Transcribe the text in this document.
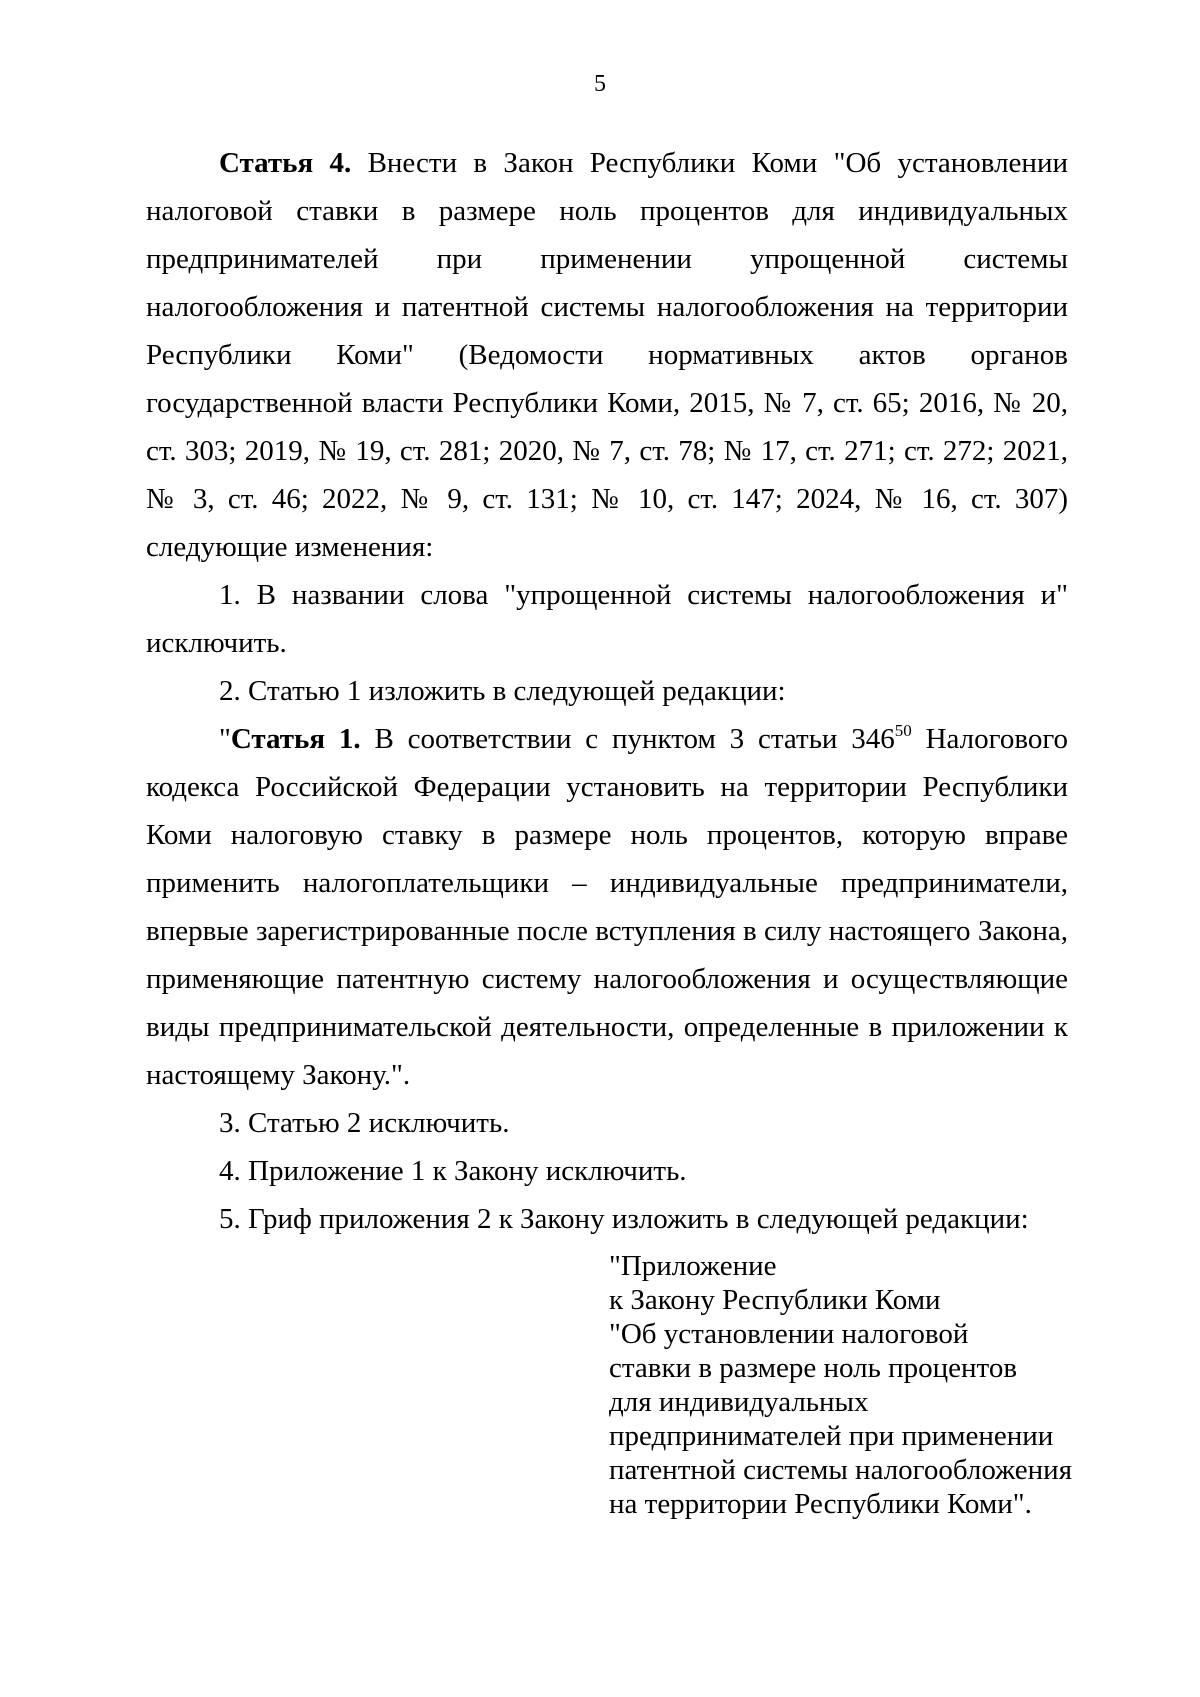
5

Статья 4. Внести в Закон Республики Коми "Об установлении налоговой ставки в размере ноль процентов для индивидуальных предпринимателей при применении упрощенной системы налогообложения и патентной системы налогообложения на территории Республики Коми" (Ведомости нормативных актов органов государственной власти Республики Коми, 2015, № 7, ст. 65; 2016, № 20, ст. 303; 2019, № 19, ст. 281; 2020, № 7, ст. 78; № 17, ст. 271; ст. 272; 2021, № 3, ст. 46; 2022, № 9, ст. 131; № 10, ст. 147; 2024, № 16, ст. 307) следующие изменения:

1. В названии слова "упрощенной системы налогообложения и" исключить.

2. Статью 1 изложить в следующей редакции:

"Статья 1. В соответствии с пунктом 3 статьи $346^{50}$ Налогового кодекса Российской Федерации установить на территории Республики Коми налоговую ставку в размере ноль процентов, которую вправе применить налогоплательщики – индивидуальные предприниматели, впервые зарегистрированные после вступления в силу настоящего Закона, применяющие патентную систему налогообложения и осуществляющие виды предпринимательской деятельности, определенные в приложении к настоящему Закону.".

3. Статью 2 исключить.

4. Приложение 1 к Закону исключить.

5. Гриф приложения 2 к Закону изложить в следующей редакции:

"Приложение
к Закону Республики Коми
"Об установлении налоговой
ставки в размере ноль процентов
для индивидуальных
предпринимателей при применении
патентной системы налогообложения
на территории Республики Коми".
